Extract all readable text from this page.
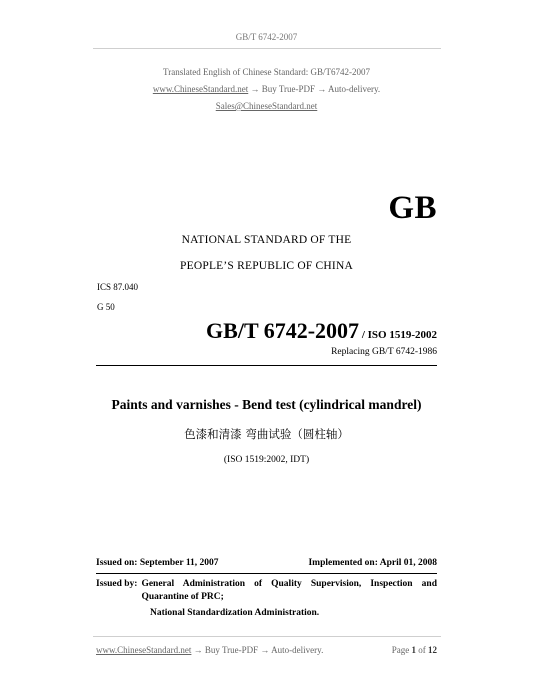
GB/T 6742-2007
Translated English of Chinese Standard: GB/T6742-2007
www.ChineseStandard.net → Buy True-PDF → Auto-delivery.
Sales@ChineseStandard.net
GB
NATIONAL STANDARD OF THE
PEOPLE’S REPUBLIC OF CHINA
ICS 87.040
G 50
GB/T 6742-2007 / ISO 1519-2002
Replacing GB/T 6742-1986
Paints and varnishes - Bend test (cylindrical mandrel)
色漆和清漆 弯曲试验（圆柱轴）
(ISO 1519:2002, IDT)
Issued on: September 11, 2007	Implemented on: April 01, 2008
Issued by: General Administration of Quality Supervision, Inspection and Quarantine of PRC;
National Standardization Administration.
www.ChineseStandard.net → Buy True-PDF → Auto-delivery.	Page 1 of 12
